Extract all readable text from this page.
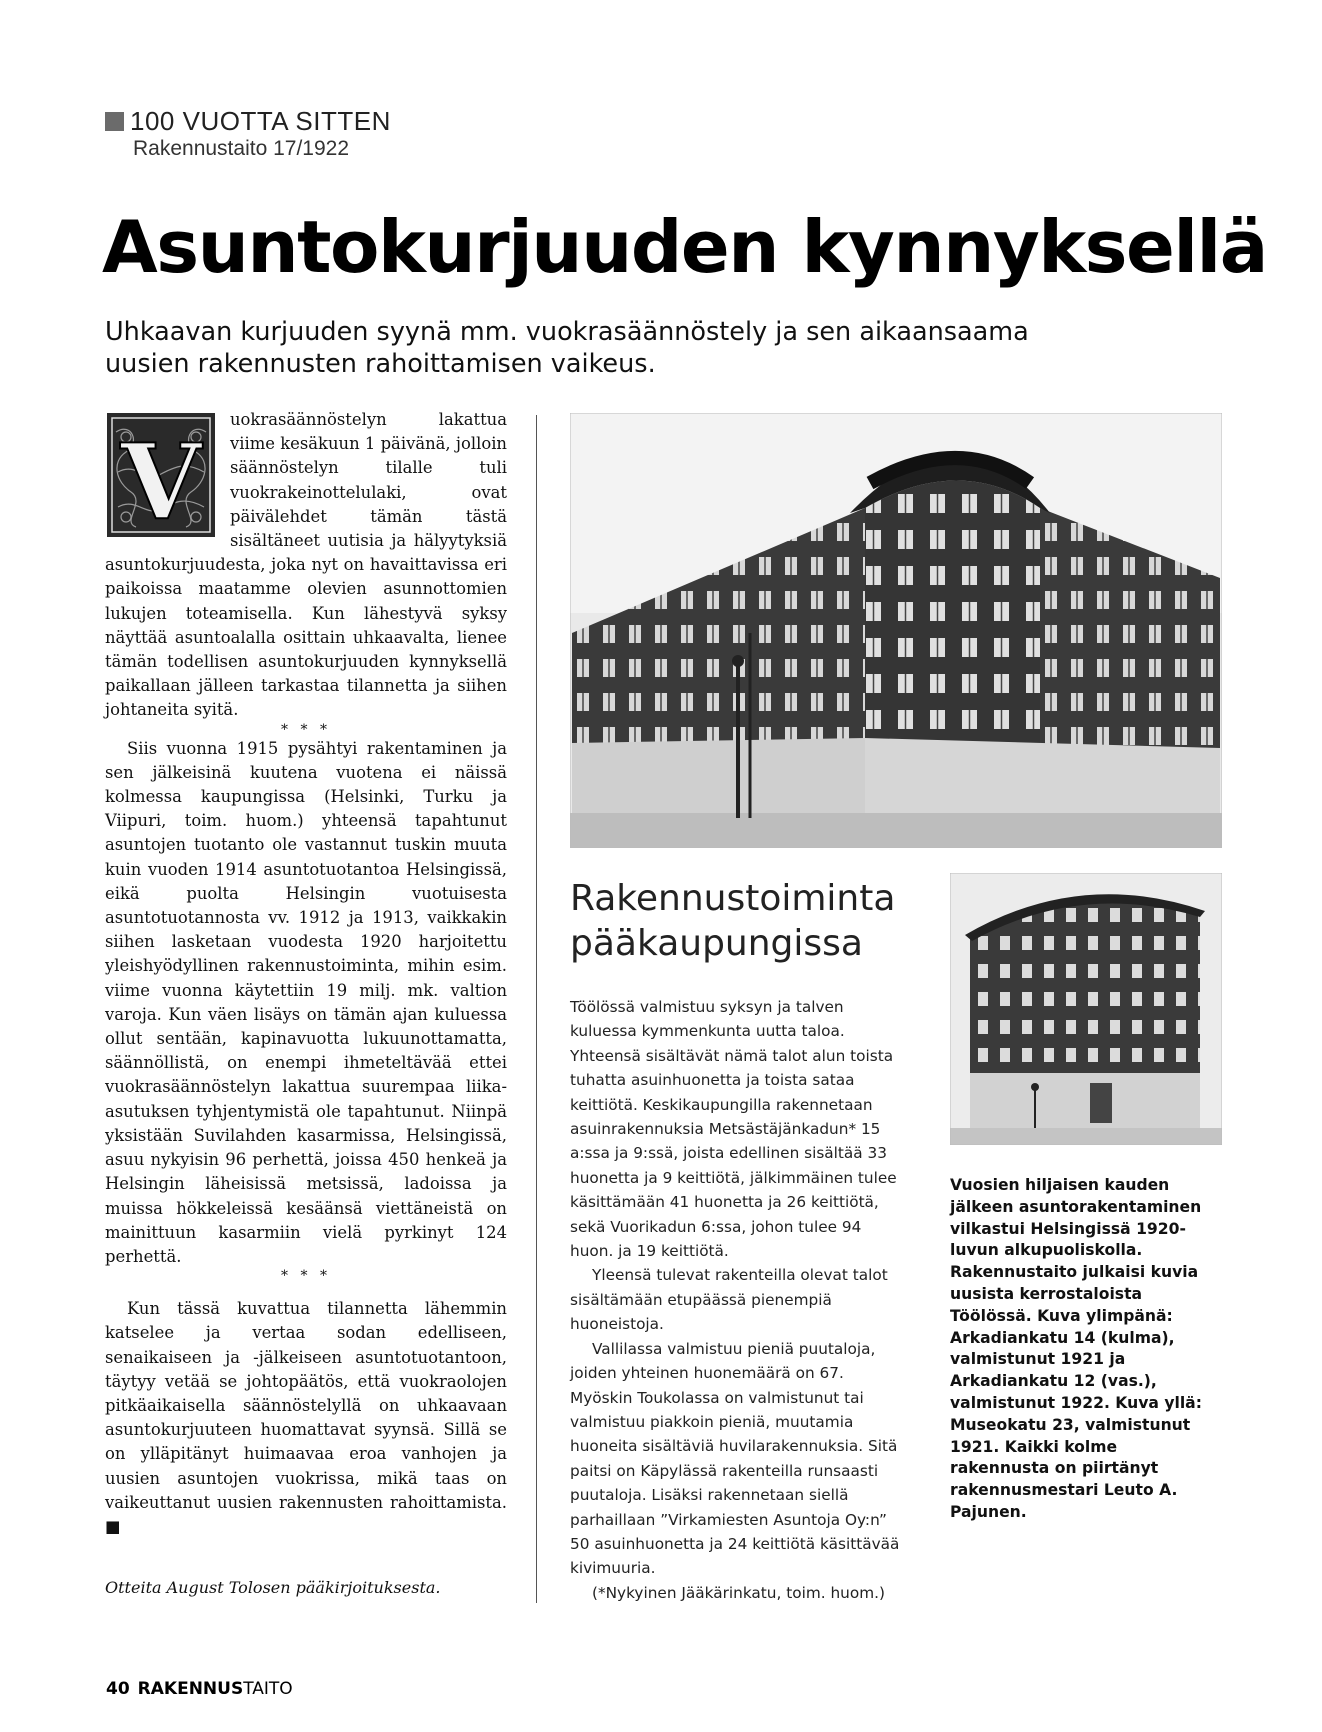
100 VUOTTA SITTEN
Rakennustaito 17/1922
Asuntokurjuuden kynnyksellä
Uhkaavan kurjuuden syynä mm. vuokrasäännöstely ja sen aikaansaama uusien rakennusten rahoittamisen vaikeus.
V

uokrasäännöstelyn lakattua viime kesäkuun 1 päivänä, jolloin säännöstelyn tilalle tuli vuokrakeinottelulaki, ovat päivälehdet tämän tästä sisältäneet uutisia ja hälyytyksiä asuntokurjuudesta, joka nyt on havaittavissa eri paikoissa maatamme olevien asunnottomien lukujen toteamisella. Kun lähestyvä syksy näyttää asuntoalalla osittain uhkaavalta, lienee tämän todellisen asuntokurjuuden kynnyksellä paikallaan jälleen tarkastaa tilannetta ja siihen johtaneita syitä.

* * *

Siis vuonna 1915 pysähtyi rakentaminen ja sen jälkeisinä kuutena vuotena ei näissä kolmessa kaupungissa (Helsinki, Turku ja Viipuri, toim. huom.) yhteensä tapahtunut asuntojen tuotanto ole vastannut tuskin muuta kuin vuoden 1914 asuntotuotantoa Helsingissä, eikä puolta Helsingin vuotuisesta asuntotuotannosta vv. 1912 ja 1913, vaikkakin siihen lasketaan vuodesta 1920 harjoitettu yleishyödyllinen rakennustoiminta, mihin esim. viime vuonna käytettiin 19 milj. mk. valtion varoja. Kun väen lisäys on tämän ajan kuluessa ollut sentään, kapinavuotta lukuunottamatta, säännöllistä, on enempi ihmeteltävää ettei vuokrasäännöstelyn lakattua suurempaa liika-asutuksen tyhjentymistä ole tapahtunut. Niinpä yksistään Suvilahden kasarmissa, Helsingissä, asuu nykyisin 96 perhettä, joissa 450 henkeä ja Helsingin läheisissä metsissä, ladoissa ja muissa hökkeleissä kesäänsä viettäneistä on mainittuun kasarmiin vielä pyrkinyt 124 perhettä.

* * *

Kun tässä kuvattua tilannetta lähemmin katselee ja vertaa sodan edelliseen, senaikaiseen ja -jälkeiseen asuntotuotantoon, täytyy vetää se johtopäätös, että vuokraolojen pitkäaikaisella säännöstelyllä on uhkaavaan asuntokurjuuteen huomattavat syynsä. Sillä se on ylläpitänyt huimaavaa eroa vanhojen ja uusien asuntojen vuokrissa, mikä taas on vaikeuttanut uusien rakennusten rahoittamista. ■

Otteita August Tolosen pääkirjoituksesta.
Rakennustoiminta pääkaupungissa

Töölössä valmistuu syksyn ja talven kuluessa kymmenkunta uutta taloa. Yhteensä sisältävät nämä talot alun toista tuhatta asuinhuonetta ja toista sataa keittiötä. Keskikaupungilla rakennetaan asuinrakennuksia Metsästäjänkadun* 15 a:ssa ja 9:ssä, joista edellinen sisältää 33 huonetta ja 9 keittiötä, jälkimmäinen tulee käsittämään 41 huonetta ja 26 keittiötä, sekä Vuorikadun 6:ssa, johon tulee 94 huon. ja 19 keittiötä.

Yleensä tulevat rakenteilla olevat talot sisältämään etupäässä pienempiä huoneistoja.

Vallilassa valmistuu pieniä puutaloja, joiden yhteinen huonemäärä on 67. Myöskin Toukolassa on valmistunut tai valmistuu piakkoin pieniä, muutamia huoneita sisältäviä huvilarakennuksia. Sitä paitsi on Käpylässä rakenteilla runsaasti puutaloja. Lisäksi rakennetaan siellä parhaillaan ”Virkamiesten Asuntoja Oy:n” 50 asuinhuonetta ja 24 keittiötä käsittävää kivimuuria.

(*Nykyinen Jääkärinkatu, toim. huom.)

Vuosien hiljaisen kauden jälkeen asuntorakentaminen vilkastui Helsingissä 1920-luvun alkupuoliskolla. Rakennustaito julkaisi kuvia uusista kerrostaloista Töölössä. Kuva ylimpänä: Arkadiankatu 14 (kulma), valmistunut 1921 ja Arkadiankatu 12 (vas.), valmistunut 1922. Kuva yllä: Museokatu 23, valmistunut 1921. Kaikki kolme rakennusta on piirtänyt rakennusmestari Leuto A. Pajunen.
40 RAKENNUSTAITO
